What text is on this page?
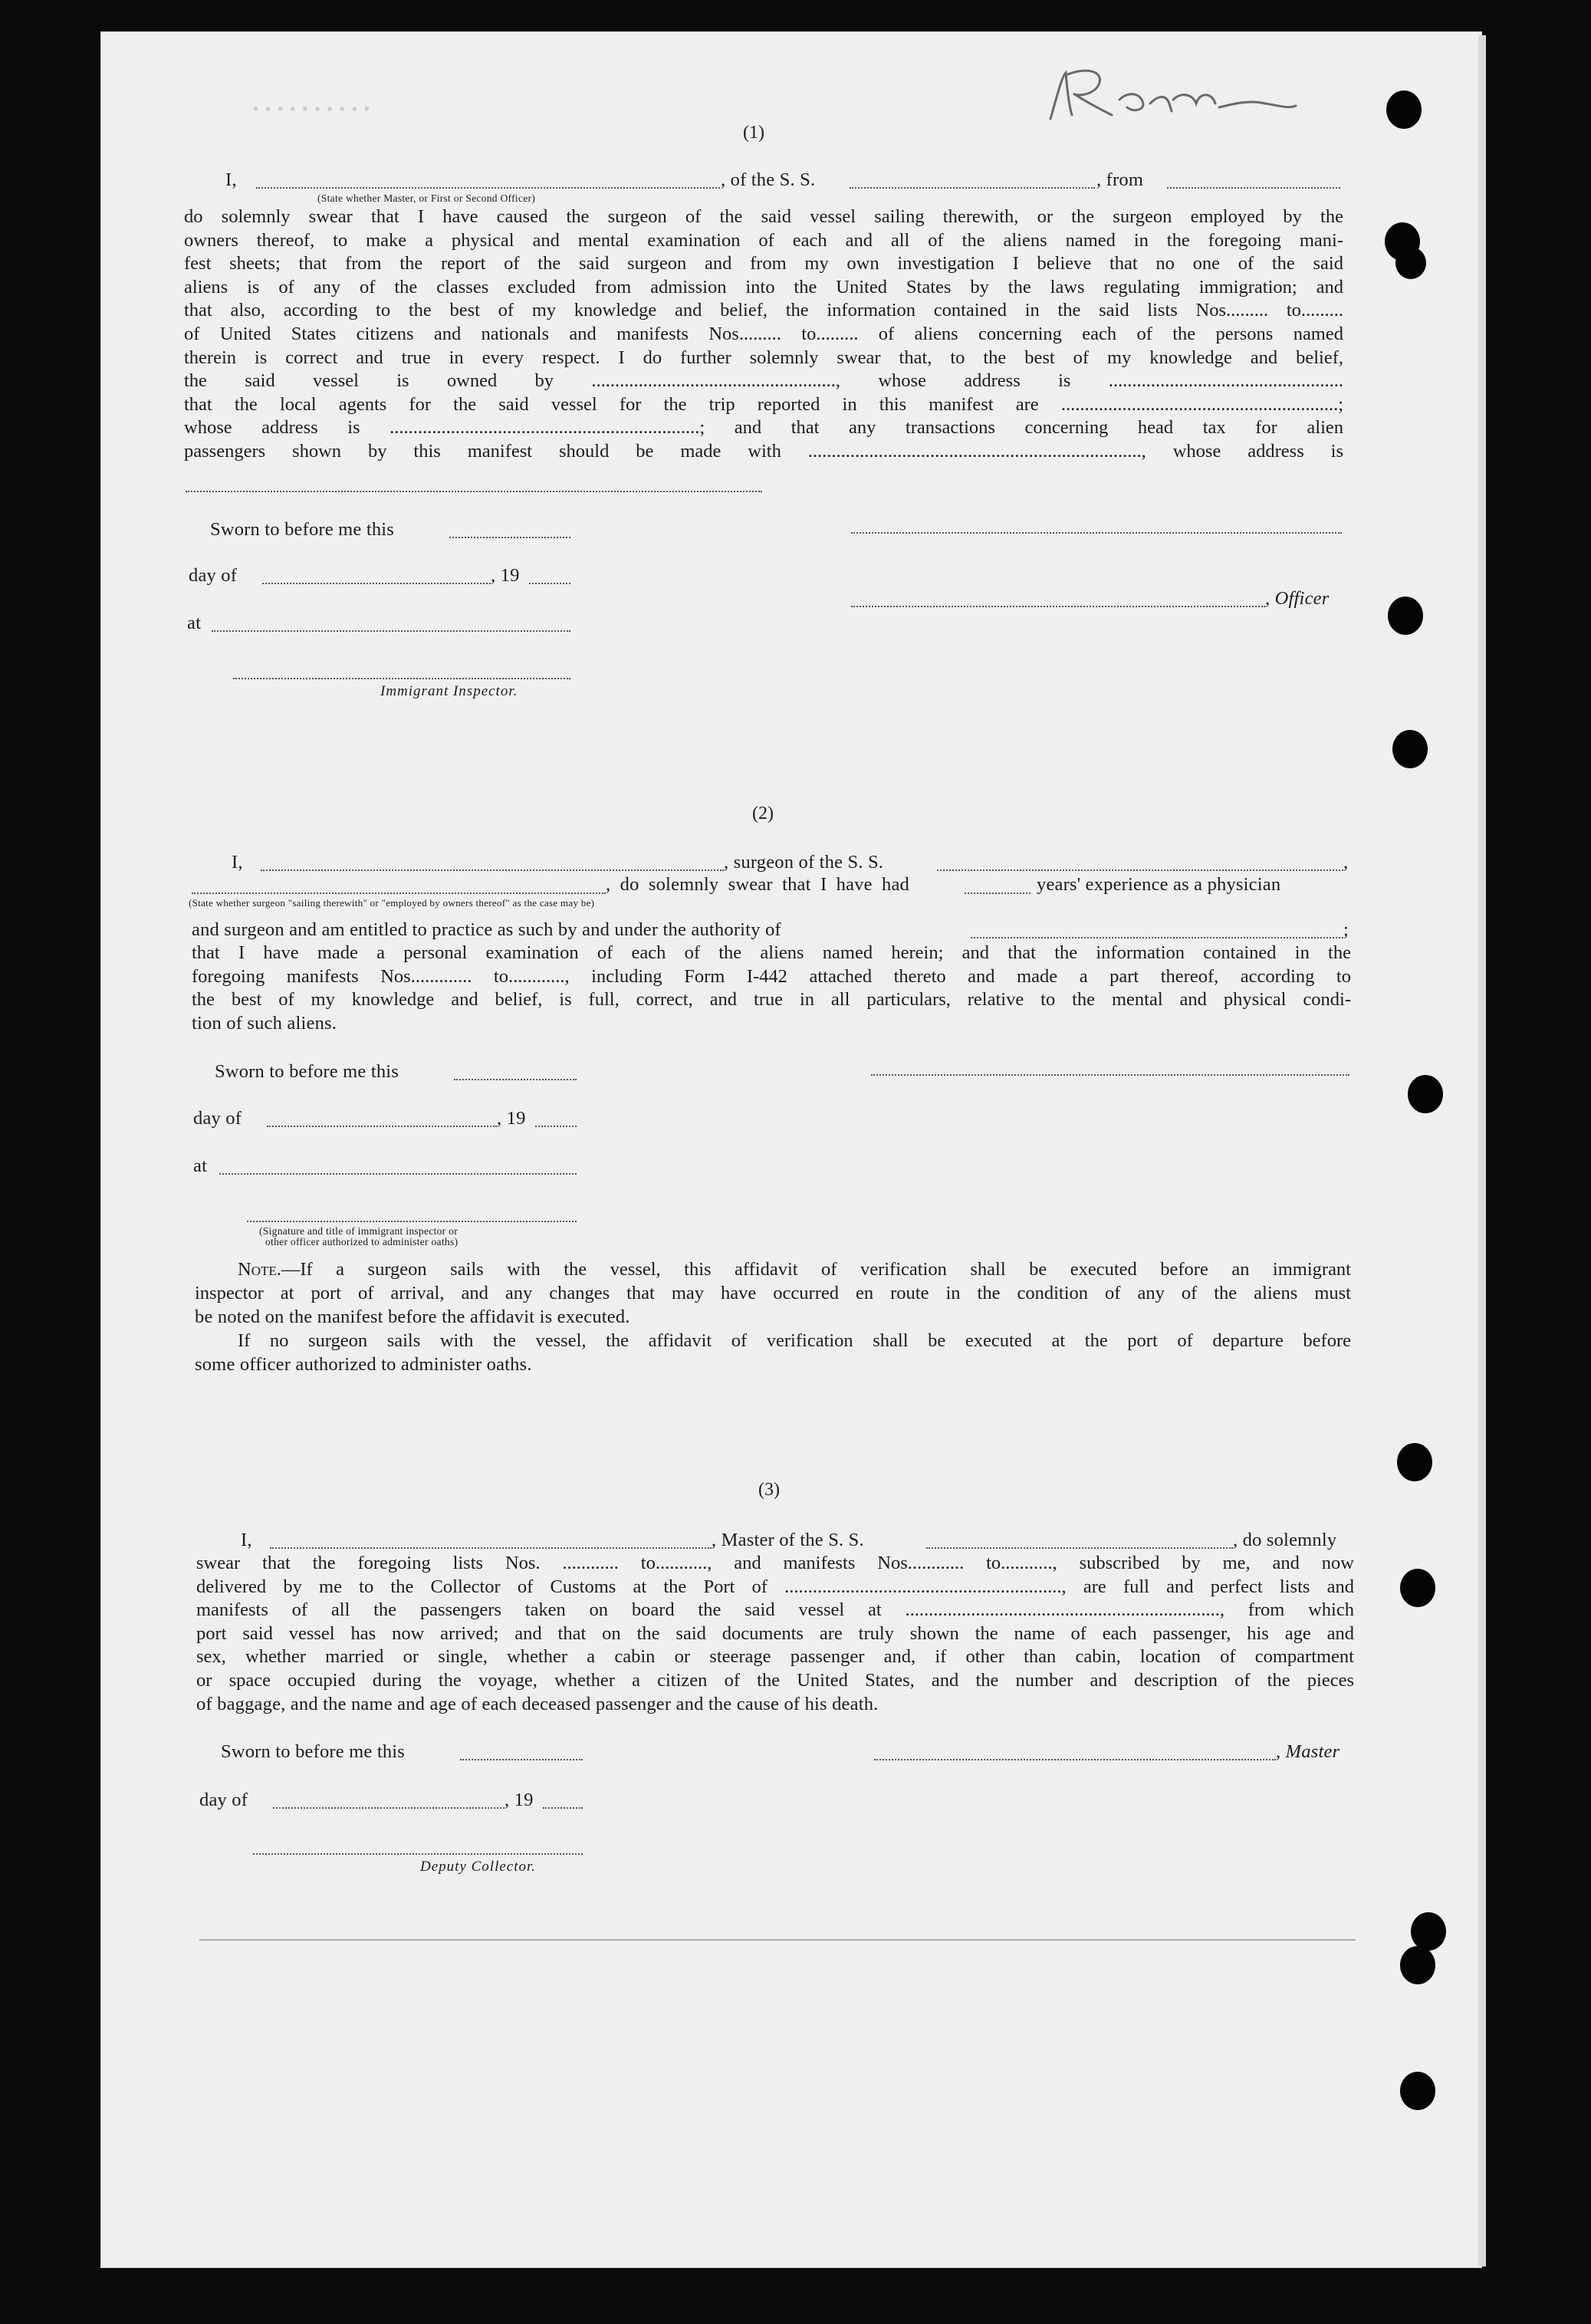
▪ ▪ ▪ ▪ ▪ ▪ ▪ ▪ ▪ ▪
(1)
I,	, of the S. S.	, from
(State whether Master, or First or Second Officer)
do solemnly swear that I have caused the surgeon of the said vessel sailing therewith, or the surgeon employed by the
owners thereof, to make a physical and mental examination of each and all of the aliens named in the foregoing mani-
fest sheets; that from the report of the said surgeon and from my own investigation I believe that no one of the said
aliens is of any of the classes excluded from admission into the United States by the laws regulating immigration; and
that also, according to the best of my knowledge and belief, the information contained in the said lists Nos......... to.........
of United States citizens and nationals and manifests Nos......... to......... of aliens concerning each of the persons named
therein is correct and true in every respect. I do further solemnly swear that, to the best of my knowledge and belief,
the said vessel is owned by ...................................................., whose address is ..................................................
that the local agents for the said vessel for the trip reported in this manifest are ...........................................................;
whose address is ..................................................................; and that any transactions concerning head tax for alien
passengers shown by this manifest should be made with ......................................................................., whose address is
Sworn to before me this
day of	, 19
, Officer
at
Immigrant Inspector.
(2)
I,	, surgeon of the S. S.	,
, do solemnly swear that I have had	years' experience as a physician
(State whether surgeon "sailing therewith" or "employed by owners thereof" as the case may be)
and surgeon and am entitled to practice as such by and under the authority of	;
that I have made a personal examination of each of the aliens named herein; and that the information contained in the
foregoing manifests Nos............. to............, including Form I-442 attached thereto and made a part thereof, according to
the best of my knowledge and belief, is full, correct, and true in all particulars, relative to the mental and physical condi-
tion of such aliens.
Sworn to before me this
day of	, 19
at
(Signature and title of immigrant inspector or
other officer authorized to administer oaths)
Note.—If a surgeon sails with the vessel, this affidavit of verification shall be executed before an immigrant
inspector at port of arrival, and any changes that may have occurred en route in the condition of any of the aliens must
be noted on the manifest before the affidavit is executed.
If no surgeon sails with the vessel, the affidavit of verification shall be executed at the port of departure before
some officer authorized to administer oaths.
(3)
I,	, Master of the S. S.	, do solemnly
swear that the foregoing lists Nos. ............ to..........., and manifests Nos............ to..........., subscribed by me, and now
delivered by me to the Collector of Customs at the Port of ..........................................................., are full and perfect lists and
manifests of all the passengers taken on board the said vessel at ..................................................................., from which
port said vessel has now arrived; and that on the said documents are truly shown the name of each passenger, his age and
sex, whether married or single, whether a cabin or steerage passenger and, if other than cabin, location of compartment
or space occupied during the voyage, whether a citizen of the United States, and the number and description of the pieces
of baggage, and the name and age of each deceased passenger and the cause of his death.
Sworn to before me this	, Master
day of	, 19
Deputy Collector.
